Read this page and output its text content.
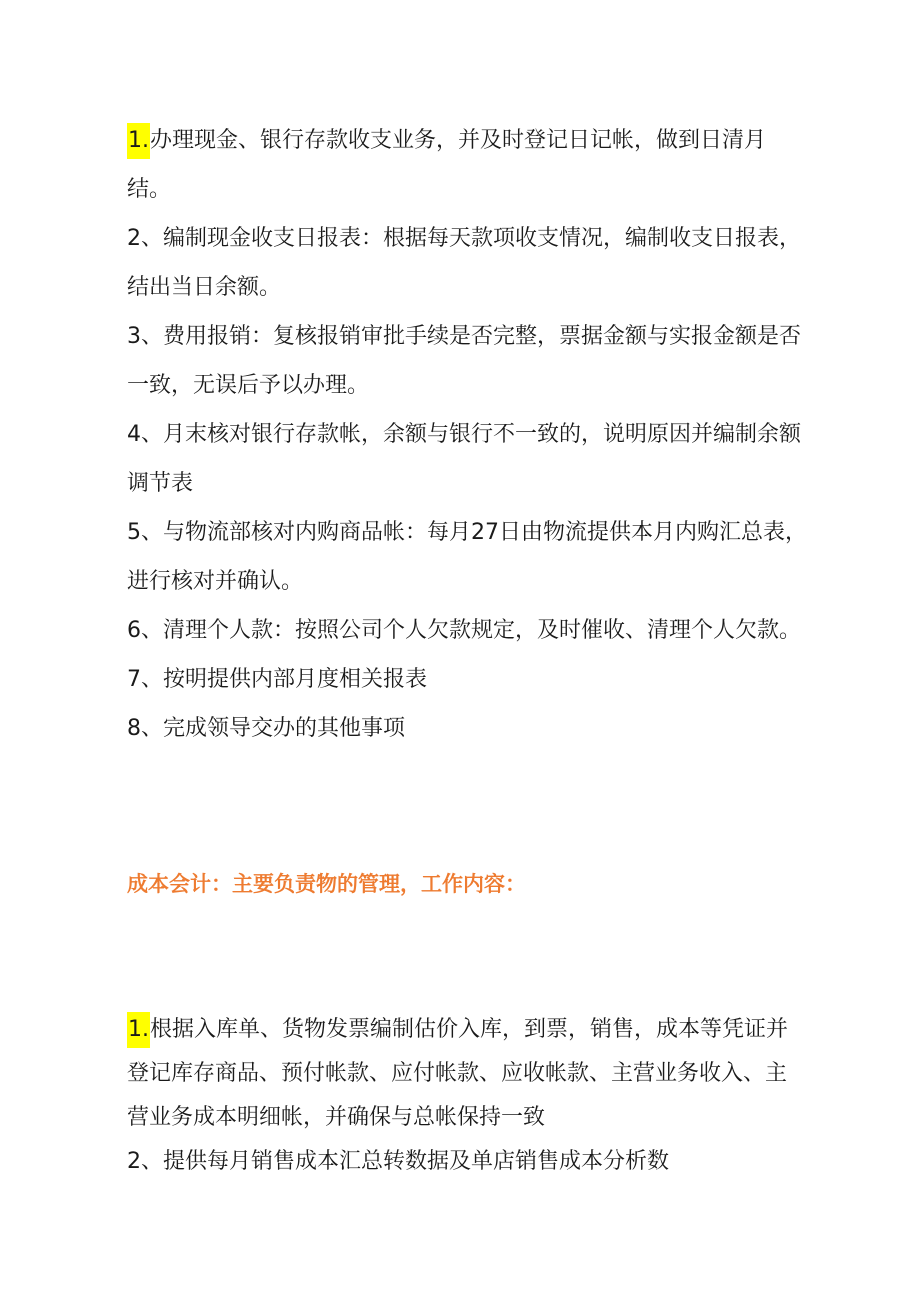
1.办理现金、银行存款收支业务，并及时登记日记帐，做到日清月结。

2、编制现金收支日报表：根据每天款项收支情况，编制收支日报表，结出当日余额。

3、费用报销：复核报销审批手续是否完整，票据金额与实报金额是否一致，无误后予以办理。

4、月末核对银行存款帐，余额与银行不一致的，说明原因并编制余额调节表

5、与物流部核对内购商品帐：每月27日由物流提供本月内购汇总表，进行核对并确认。

6、清理个人款：按照公司个人欠款规定，及时催收、清理个人欠款。

7、按明提供内部月度相关报表

8、完成领导交办的其他事项

成本会计：主要负责物的管理，工作内容：

1.根据入库单、货物发票编制估价入库，到票，销售，成本等凭证并登记库存商品、预付帐款、应付帐款、应收帐款、主营业务收入、主营业务成本明细帐，并确保与总帐保持一致

2、提供每月销售成本汇总转数据及单店销售成本分析数
